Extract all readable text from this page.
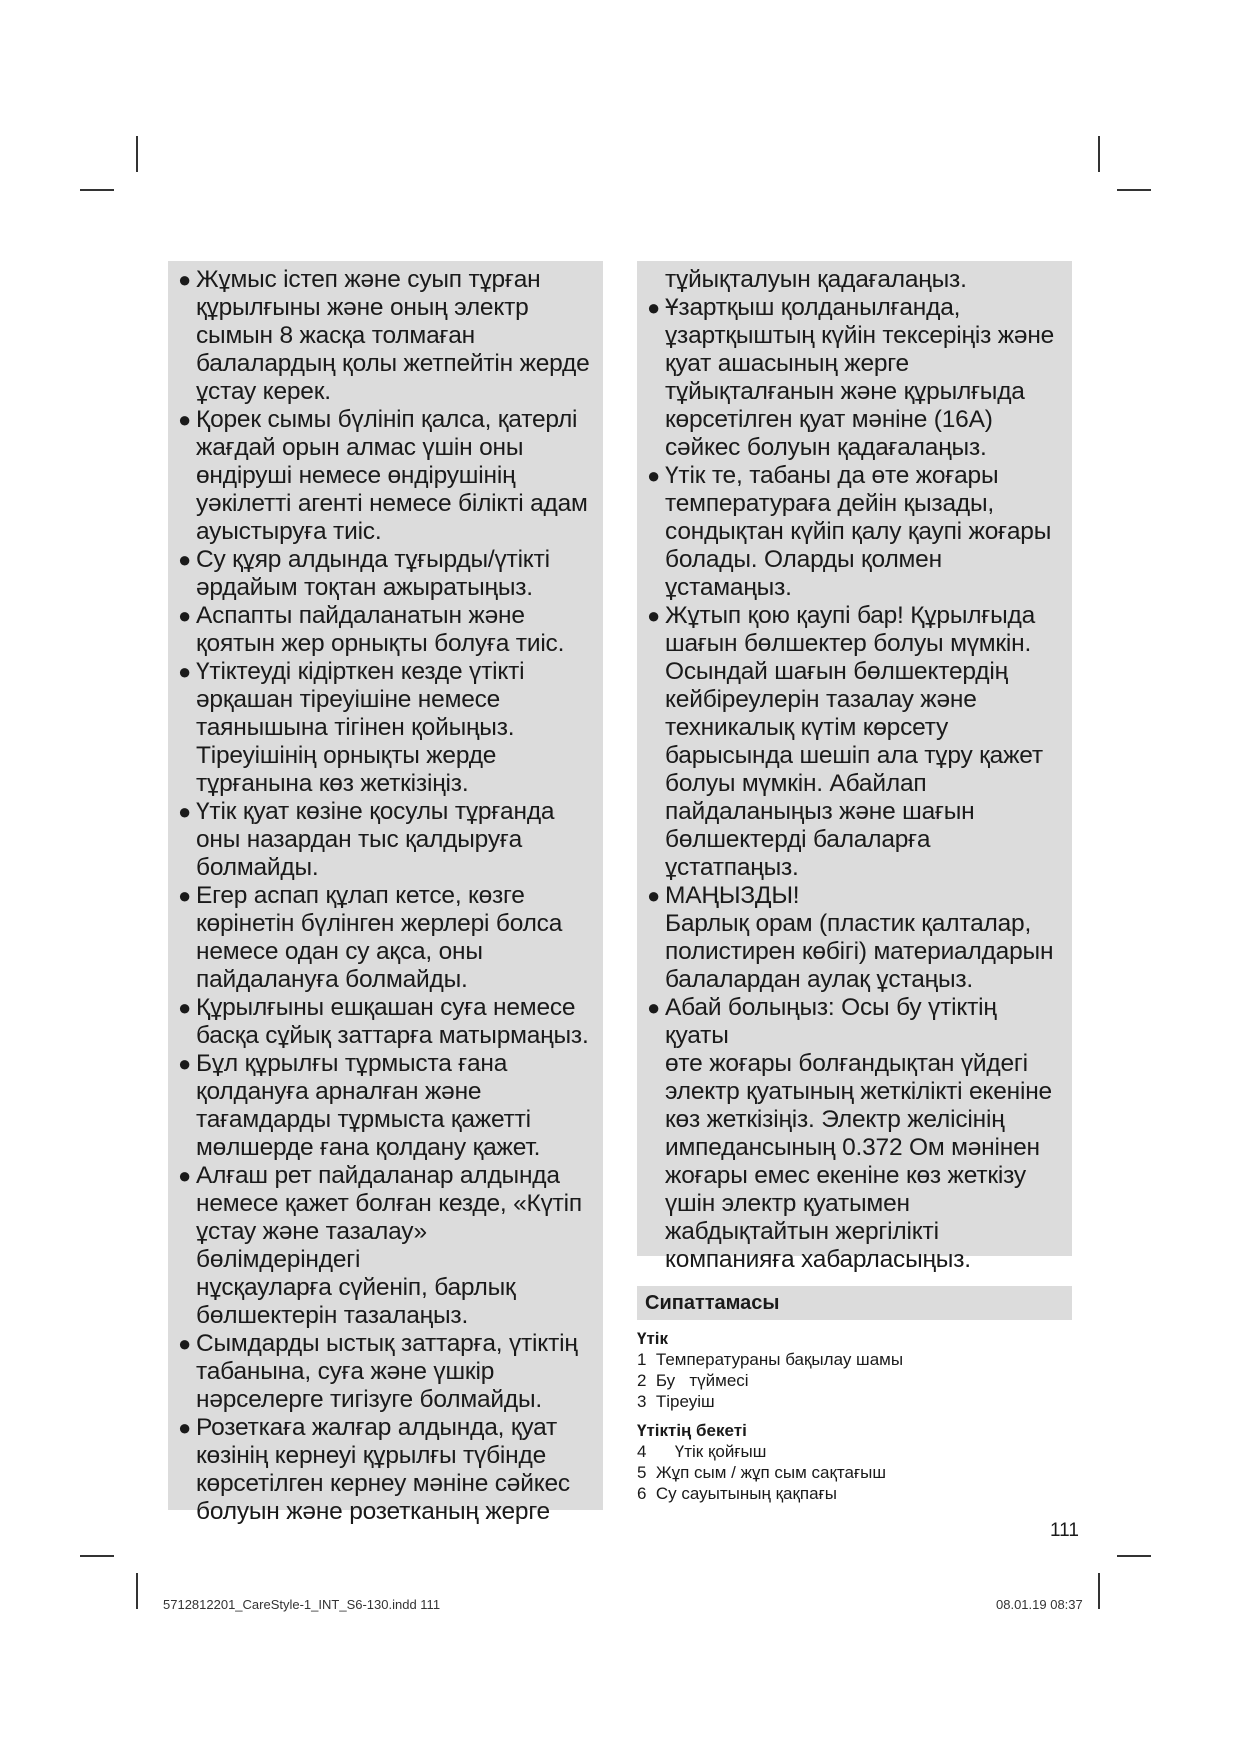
● Жұмыс істеп және суып тұрған
құрылғыны және оның электр
сымын 8 жасқа толмаған
балалардың қолы жетпейтін жерде
ұстау керек.
● Қорек сымы бүлініп қалса, қатерлі
жағдай орын алмас үшін оны
өндіруші немесе өндірушінің
уәкілетті агенті немесе білікті адам
ауыстыруға тиіс.
● Су құяр алдында тұғырды/үтікті
әрдайым тоқтан ажыратыңыз.
● Аспапты пайдаланатын және
қоятын жер орнықты болуға тиіс.
● Үтіктеуді кідірткен кезде үтікті
әрқашан тіреуішіне немесе
таянышына тігінен қойыңыз.
Тіреуішінің орнықты жерде
тұрғанына көз жеткізіңіз.
● Үтік қуат көзіне қосулы тұрғанда
оны назардан тыс қалдыруға
болмайды.
● Егер аспап құлап кетсе, көзге
көрінетін бүлінген жерлері болса
немесе одан су ақса, оны
пайдалануға болмайды.
● Құрылғыны ешқашан суға немесе
басқа сұйық заттарға матырмаңыз.
● Бұл құрылғы тұрмыста ғана
қолдануға арналған және
тағамдарды тұрмыста қажетті
мөлшерде ғана қолдану қажет.
● Алғаш рет пайдаланар алдында
немесе қажет болған кезде, «Күтіп
ұстау және тазалау» бөлімдеріндегі
нұсқауларға сүйеніп, барлық
бөлшектерін тазалаңыз.
● Сымдарды ыстық заттарға, үтіктің
табанына, суға және үшкір
нәрселерге тигізуге болмайды.
● Розеткаға жалғар алдында, қуат
көзінің кернеуі құрылғы түбінде
көрсетілген кернеу мәніне сәйкес
болуын және розетканың жерге
тұйықталуын қадағалаңыз.
● Ұзартқыш қолданылғанда,
ұзартқыштың күйін тексеріңіз және
қуат ашасының жерге
тұйықталғанын және құрылғыда
көрсетілген қуат мәніне (16А)
сәйкес болуын қадағалаңыз.
● Үтік те, табаны да өте жоғары
температураға дейін қызады,
сондықтан күйіп қалу қаупі жоғары
болады. Оларды қолмен
ұстамаңыз.
● Жұтып қою қаупі бар! Құрылғыда
шағын бөлшектер болуы мүмкін.
Осындай шағын бөлшектердің
кейбіреулерін тазалау және
техникалық күтім көрсету
барысында шешіп ала тұру қажет
болуы мүмкін. Абайлап
пайдаланыңыз және шағын
бөлшектерді балаларға
ұстатпаңыз.
● МАҢЫЗДЫ!
Барлық орам (пластик қалталар,
полистирен көбігі) материалдарын
балалардан аулақ ұстаңыз.
● Абай болыңыз: Осы бу үтіктің қуаты
өте жоғары болғандықтан үйдегі
электр қуатының жеткілікті екеніне
көз жеткізіңіз. Электр желісінің
импедансының 0.372 Ом мәнінен
жоғары емес екеніне көз жеткізу
үшін электр қуатымен
жабдықтайтын жергілікті
компанияға хабарласыңыз.
Сипаттамасы
Үтік
1  Температураны бақылау шамы
2  Бу   түймесі
3  Тіреуіш
Үтіктің бекеті
4      Үтік қойғыш
5  Жұп сым / жұп сым сақтағыш
6  Су сауытының қақпағы
111
5712812201_CareStyle-1_INT_S6-130.indd 111	08.01.19 08:37
